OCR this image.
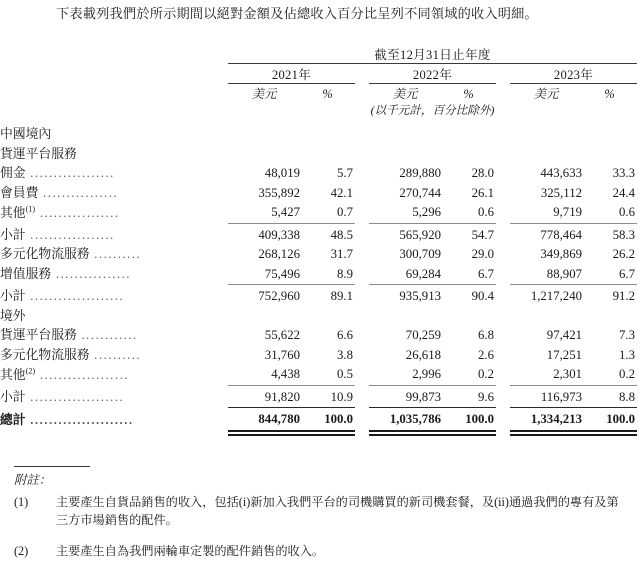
下表載列我們於所示期間以絕對金額及佔總收入百分比呈列不同領域的收入明細。
	截至12月31日止年度							
	2021年			2022年			2023年	
	美元	%		美元	%		美元	%
				(以千元計，百分比除外)				

中國境內								
貨運平台服務								
佣金 ..................	48,019	5.7		289,880	28.0		443,633	33.3
會員費 ................	355,892	42.1		270,744	26.1		325,112	24.4
其他$^{(1)}$ .................	5,427	0.7		5,296	0.6		9,719	0.6
小計 ..................	409,338	48.5		565,920	54.7		778,464	58.3
多元化物流服務 ..........	268,126	31.7		300,709	29.0		349,869	26.2
增值服務 ................	75,496	8.9		69,284	6.7		88,907	6.7
小計 ....................	752,960	89.1		935,913	90.4		1,217,240	91.2
境外								
貨運平台服務 ............	55,622	6.6		70,259	6.8		97,421	7.3
多元化物流服務 ..........	31,760	3.8		26,618	2.6		17,251	1.3
其他$^{(2)}$ ...................	4,438	0.5		2,996	0.2		2,301	0.2
小計 ....................	91,820	10.9		99,873	9.6		116,973	8.8
總計 ......................	844,780	100.0		1,035,786	100.0		1,334,213	100.0

附註：
(1) 主要產生自貨品銷售的收入，包括(i)新加入我們平台的司機購買的新司機套餐，及(ii)通過我們的專有及第三方市場銷售的配件。
(2) 主要產生自為我們兩輪車定製的配件銷售的收入。
